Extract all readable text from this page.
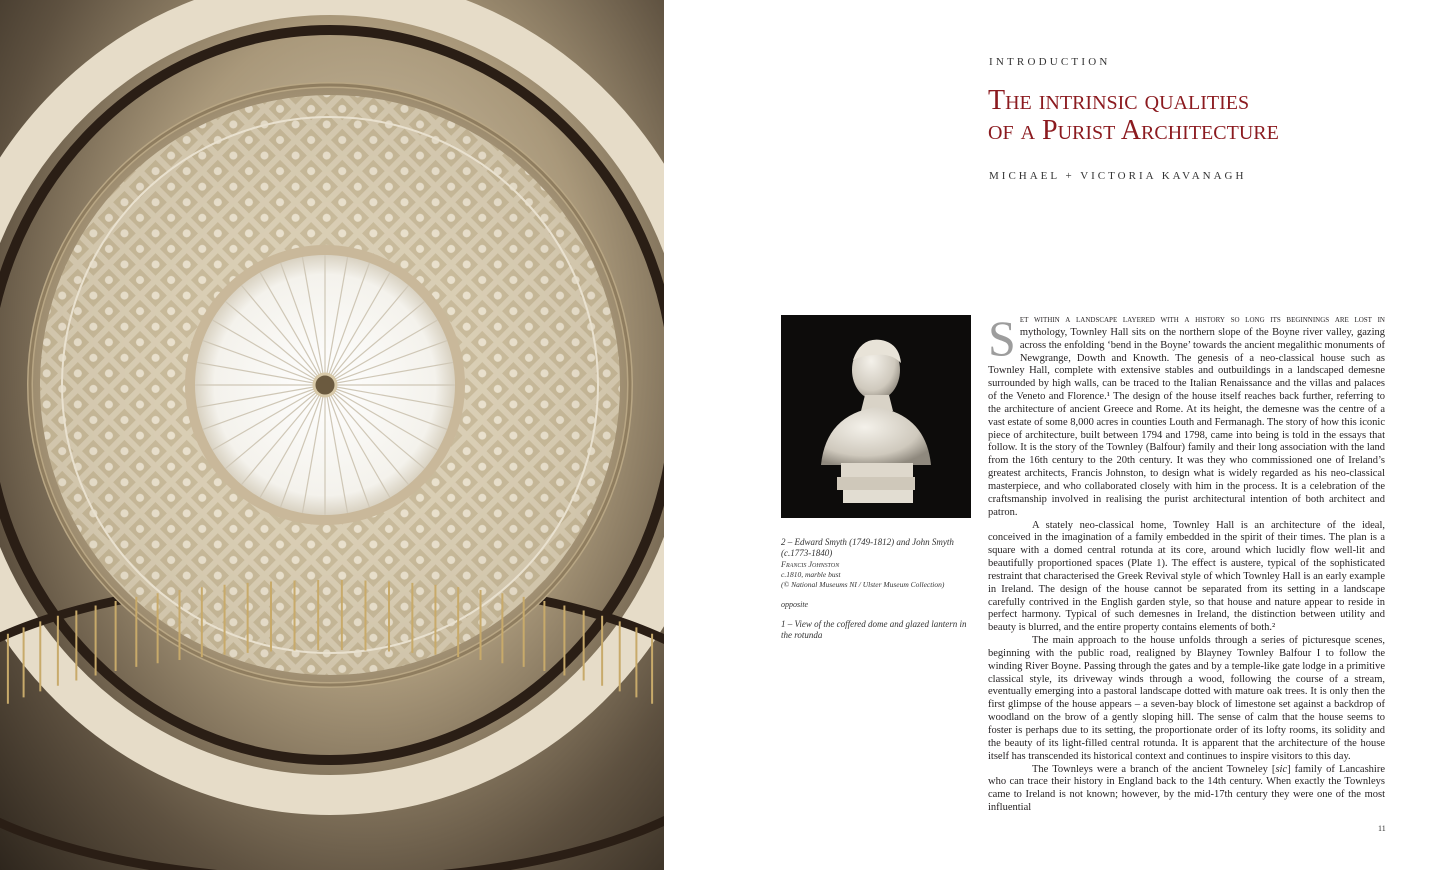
INTRODUCTION
The intrinsic qualities
of a Purist Architecture
MICHAEL + VICTORIA KAVANAGH

2 – Edward Smyth (1749-1812) and John Smyth (c.1773-1840)

Francis Johnston

c.1810, marble bust

(© National Museums NI / Ulster Museum Collection)

opposite

1 – View of the coffered dome and glazed lantern in the rotunda

Set within a landscape layered with a history so long its beginnings are lost in mythology, Townley Hall sits on the northern slope of the Boyne river valley, gazing across the enfolding ‘bend in the Boyne’ towards the ancient megalithic monuments of Newgrange, Dowth and Knowth. The genesis of a neo-classical house such as Townley Hall, complete with extensive stables and outbuildings in a landscaped demesne surrounded by high walls, can be traced to the Italian Renaissance and the villas and palaces of the Veneto and Florence.¹ The design of the house itself reaches back further, referring to the architecture of ancient Greece and Rome. At its height, the demesne was the centre of a vast estate of some 8,000 acres in counties Louth and Fermanagh. The story of how this iconic piece of architecture, built between 1794 and 1798, came into being is told in the essays that follow. It is the story of the Townley (Balfour) family and their long association with the land from the 16th century to the 20th century. It was they who commissioned one of Ireland’s greatest architects, Francis Johnston, to design what is widely regarded as his neo-classical masterpiece, and who collaborated closely with him in the process. It is a celebration of the craftsmanship involved in realising the purist architectural intention of both architect and patron.

A stately neo-classical home, Townley Hall is an architecture of the ideal, conceived in the imagination of a family embedded in the spirit of their times. The plan is a square with a domed central rotunda at its core, around which lucidly flow well-lit and beautifully proportioned spaces (Plate 1). The effect is austere, typical of the sophisticated restraint that characterised the Greek Revival style of which Townley Hall is an early example in Ireland. The design of the house cannot be separated from its setting in a landscape carefully contrived in the English garden style, so that house and nature appear to reside in perfect harmony. Typical of such demesnes in Ireland, the distinction between utility and beauty is blurred, and the entire property contains elements of both.²

The main approach to the house unfolds through a series of picturesque scenes, beginning with the public road, realigned by Blayney Townley Balfour I to follow the winding River Boyne. Passing through the gates and by a temple-like gate lodge in a primitive classical style, its driveway winds through a wood, following the course of a stream, eventually emerging into a pastoral landscape dotted with mature oak trees. It is only then the first glimpse of the house appears – a seven-bay block of limestone set against a backdrop of woodland on the brow of a gently sloping hill. The sense of calm that the house seems to foster is perhaps due to its setting, the proportionate order of its lofty rooms, its solidity and the beauty of its light-filled central rotunda. It is apparent that the architecture of the house itself has transcended its historical context and continues to inspire visitors to this day.

The Townleys were a branch of the ancient Towneley [sic] family of Lancashire who can trace their history in England back to the 14th century. When exactly the Townleys came to Ireland is not known; however, by the mid-17th century they were one of the most influential

11
